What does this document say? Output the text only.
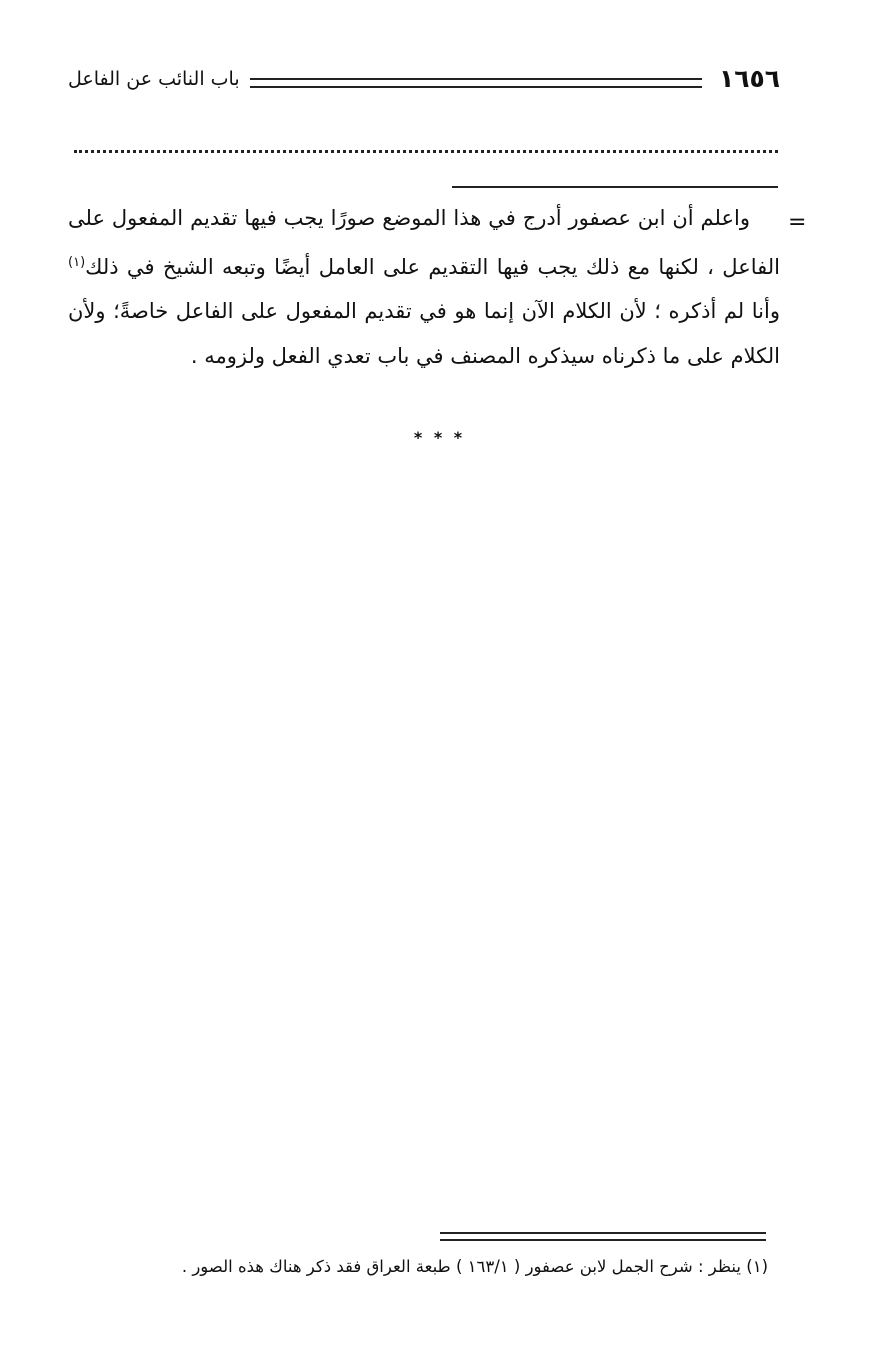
١٦٥٦
باب النائب عن الفاعل
=
واعلم أن ابن عصفور أدرج في هذا الموضع صورًا يجب فيها تقديم المفعول على الفاعل ، لكنها مع ذلك يجب فيها التقديم على العامل أيضًا وتبعه الشيخ في ذلك$^{(١)}$ وأنا لم أذكره ؛ لأن الكلام الآن إنما هو في تقديم المفعول على الفاعل خاصةً؛ ولأن الكلام على ما ذكرناه سيذكره المصنف في باب تعدي الفعل ولزومه .
* * *
(١) ينظر : شرح الجمل لابن عصفور ( ١٦٣/١ ) طبعة العراق فقد ذكر هناك هذه الصور .
